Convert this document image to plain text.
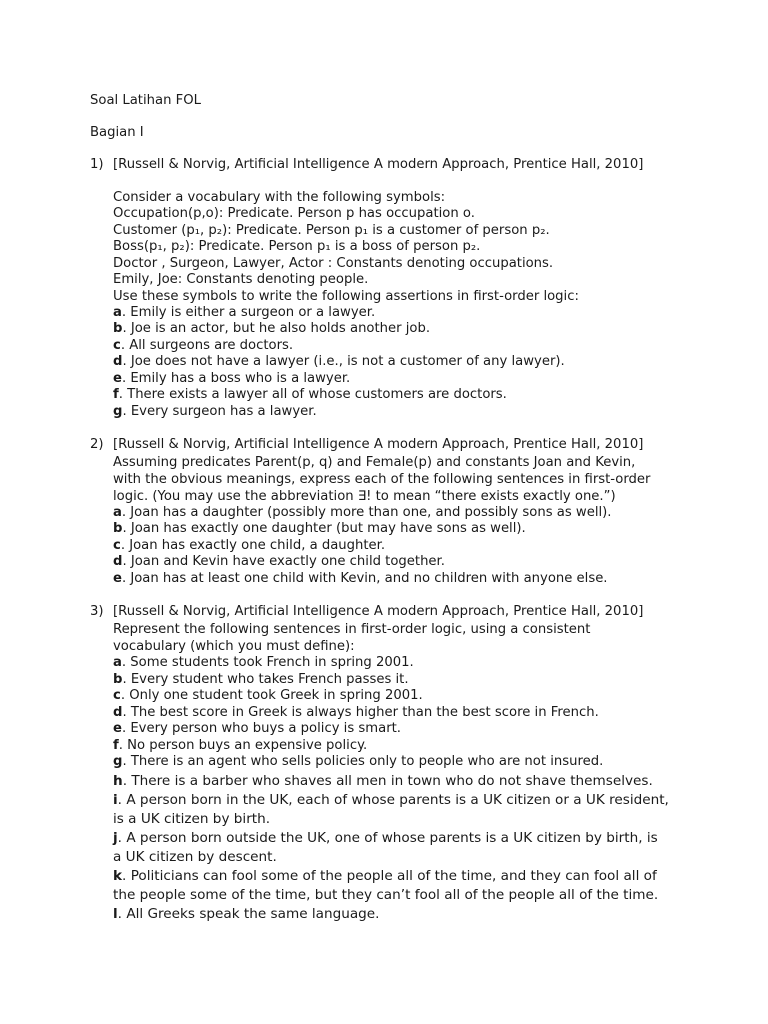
Soal Latihan FOL
Bagian I
1) [Russell & Norvig, Artificial Intelligence A modern Approach, Prentice Hall, 2010]
Consider a vocabulary with the following symbols:
Occupation(p,o): Predicate. Person p has occupation o.
Customer (p₁, p₂): Predicate. Person p₁ is a customer of person p₂.
Boss(p₁, p₂): Predicate. Person p₁ is a boss of person p₂.
Doctor , Surgeon, Lawyer, Actor : Constants denoting occupations.
Emily, Joe: Constants denoting people.
Use these symbols to write the following assertions in first-order logic:
a. Emily is either a surgeon or a lawyer.
b. Joe is an actor, but he also holds another job.
c. All surgeons are doctors.
d. Joe does not have a lawyer (i.e., is not a customer of any lawyer).
e. Emily has a boss who is a lawyer.
f. There exists a lawyer all of whose customers are doctors.
g. Every surgeon has a lawyer.
2) [Russell & Norvig, Artificial Intelligence A modern Approach, Prentice Hall, 2010]
Assuming predicates Parent(p, q) and Female(p) and constants Joan and Kevin,
with the obvious meanings, express each of the following sentences in first-order
logic. (You may use the abbreviation ∃! to mean “there exists exactly one.”)
a. Joan has a daughter (possibly more than one, and possibly sons as well).
b. Joan has exactly one daughter (but may have sons as well).
c. Joan has exactly one child, a daughter.
d. Joan and Kevin have exactly one child together.
e. Joan has at least one child with Kevin, and no children with anyone else.
3) [Russell & Norvig, Artificial Intelligence A modern Approach, Prentice Hall, 2010]
Represent the following sentences in first-order logic, using a consistent
vocabulary (which you must define):
a. Some students took French in spring 2001.
b. Every student who takes French passes it.
c. Only one student took Greek in spring 2001.
d. The best score in Greek is always higher than the best score in French.
e. Every person who buys a policy is smart.
f. No person buys an expensive policy.
g. There is an agent who sells policies only to people who are not insured.
h. There is a barber who shaves all men in town who do not shave themselves.
i. A person born in the UK, each of whose parents is a UK citizen or a UK resident,
is a UK citizen by birth.
j. A person born outside the UK, one of whose parents is a UK citizen by birth, is
a UK citizen by descent.
k. Politicians can fool some of the people all of the time, and they can fool all of
the people some of the time, but they can’t fool all of the people all of the time.
l. All Greeks speak the same language.
